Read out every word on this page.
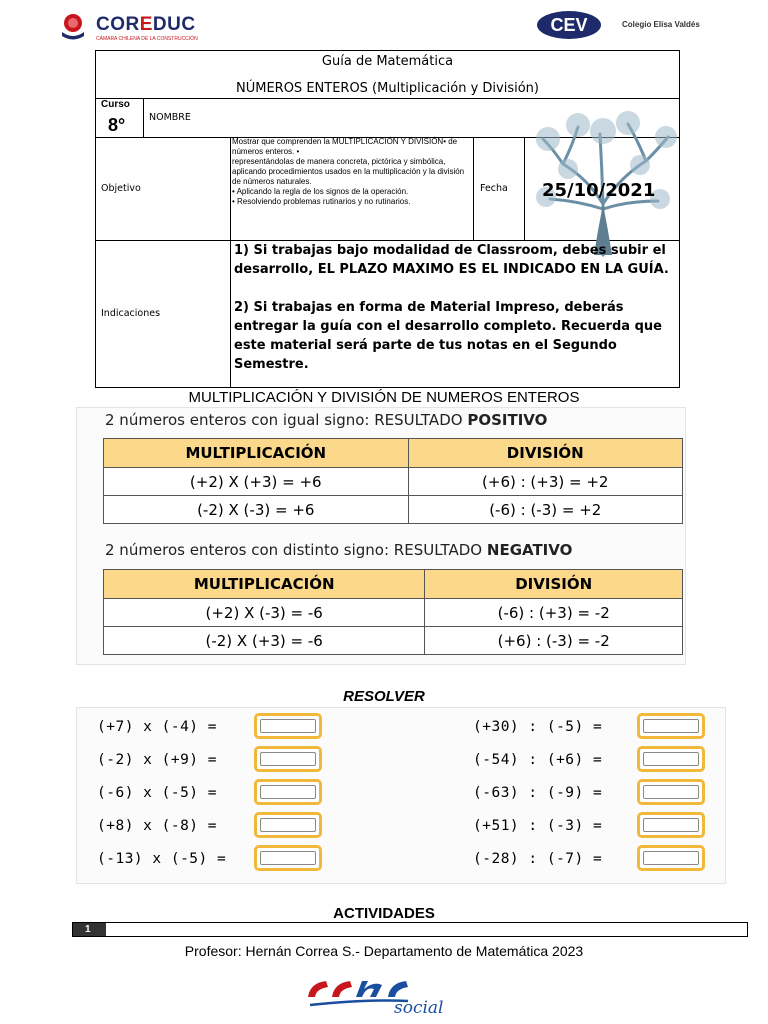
COREDUC
CÁMARA CHILENA DE LA CONSTRUCCIÓN
CEV	Colegio Elisa Valdés
Guía de Matemática
NÚMEROS ENTEROS (Multiplicación y División)
Curso
8°	NOMBRE
Objetivo

Mostrar que comprenden la MULTIPLICACIÓN Y DIVISIÓN• de números enteros. •

representándolas de manera concreta, pictórica y simbólica, aplicando procedimientos usados en la multiplicación y la división de números naturales.

• Aplicando la regla de los signos de la operación.

• Resolviendo problemas rutinarios y no rutinarios.

Fecha 25/10/2021
Indicaciones

1) Si trabajas bajo modalidad de Classroom, debes subir el desarrollo, EL PLAZO MAXIMO ES EL INDICADO EN LA GUÍA.

2) Si trabajas en forma de Material Impreso, deberás entregar la guía con el desarrollo completo. Recuerda que este material será parte de tus notas en el Segundo Semestre.

MULTIPLICACIÓN Y DIVISIÓN DE NUMEROS ENTEROS
2 números enteros con igual signo: RESULTADO POSITIVO
MULTIPLICACIÓN	DIVISIÓN
(+2) X (+3) = +6	(+6) : (+3) = +2
(-2) X (-3) = +6	(-6) : (-3) = +2
2 números enteros con distinto signo: RESULTADO NEGATIVO
MULTIPLICACIÓN	DIVISIÓN
(+2) X (-3) = -6	(-6) : (+3) = -2
(-2) X (+3) = -6	(+6) : (-3) = -2
RESOLVER
(+7) x (-4) =
(-2) x (+9) =
(-6) x (-5) =
(+8) x (-8) =
(-13) x (-5) =
(+30) : (-5) =
(-54) : (+6) =
(-63) : (-9) =
(+51) : (-3) =
(-28) : (-7) =
ACTIVIDADES
1
Profesor: Hernán Correa S.- Departamento de Matemática 2023
social
